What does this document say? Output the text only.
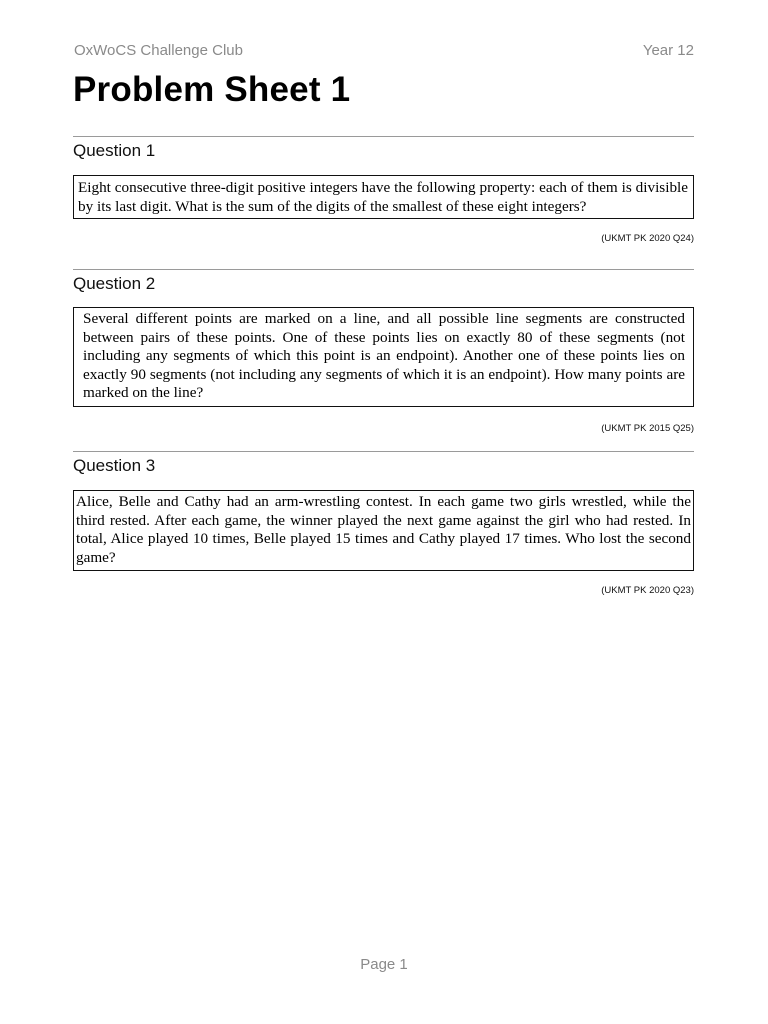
OxWoCS Challenge Club	Year 12
Problem Sheet 1
Question 1
Eight consecutive three-digit positive integers have the following property: each of them is divisible by its last digit. What is the sum of the digits of the smallest of these eight integers?
(UKMT PK 2020 Q24)
Question 2
Several different points are marked on a line, and all possible line segments are constructed between pairs of these points. One of these points lies on exactly 80 of these segments (not including any segments of which this point is an endpoint). Another one of these points lies on exactly 90 segments (not including any segments of which it is an endpoint). How many points are marked on the line?
(UKMT PK 2015 Q25)
Question 3
Alice, Belle and Cathy had an arm-wrestling contest. In each game two girls wrestled, while the third rested. After each game, the winner played the next game against the girl who had rested. In total, Alice played 10 times, Belle played 15 times and Cathy played 17 times. Who lost the second game?
(UKMT PK 2020 Q23)
Page 1
